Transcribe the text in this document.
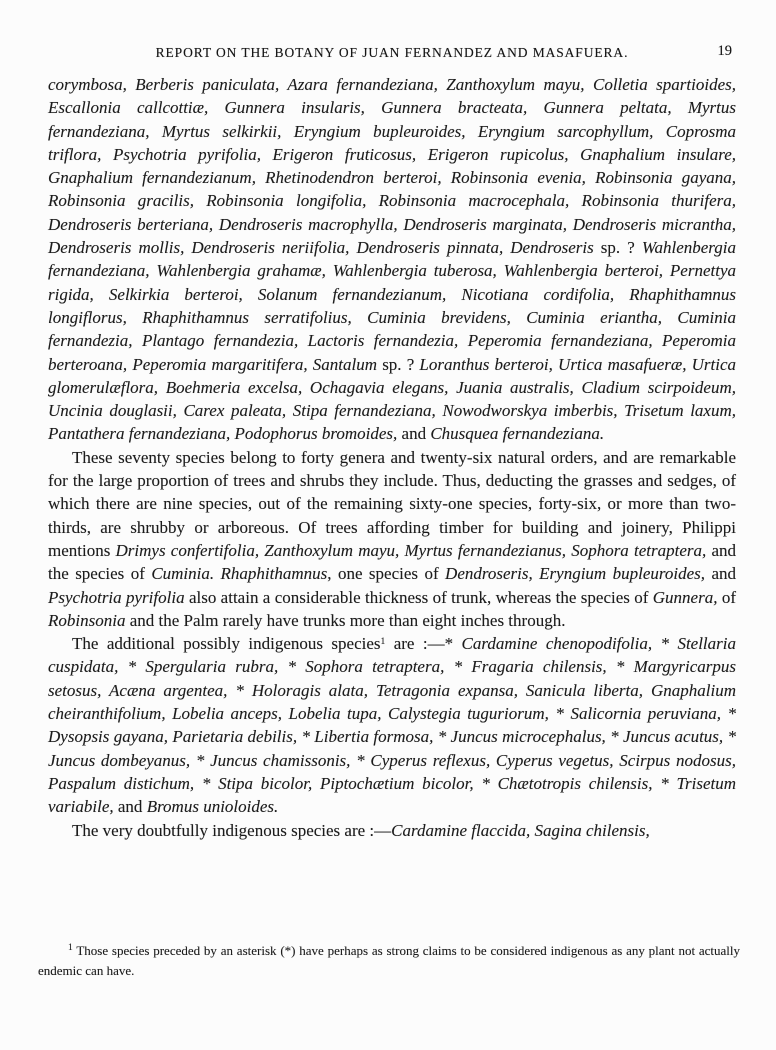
REPORT ON THE BOTANY OF JUAN FERNANDEZ AND MASAFUERA.	19

corymbosa, Berberis paniculata, Azara fernandeziana, Zanthoxylum mayu, Colletia spartioides, Escallonia callcottiæ, Gunnera insularis, Gunnera bracteata, Gunnera peltata, Myrtus fernandeziana, Myrtus selkirkii, Eryngium bupleuroides, Eryngium sarcophyllum, Coprosma triflora, Psychotria pyrifolia, Erigeron fruticosus, Erigeron rupicolus, Gnaphalium insulare, Gnaphalium fernandezianum, Rhetinodendron berteroi, Robinsonia evenia, Robinsonia gayana, Robinsonia gracilis, Robinsonia longifolia, Robinsonia macrocephala, Robinsonia thurifera, Dendroseris berteriana, Dendroseris macrophylla, Dendroseris marginata, Dendroseris micrantha, Dendroseris mollis, Dendroseris neriifolia, Dendroseris pinnata, Dendroseris sp. ? Wahlenbergia fernandeziana, Wahlenbergia grahamæ, Wahlenbergia tuberosa, Wahlenbergia berteroi, Pernettya rigida, Selkirkia berteroi, Solanum fernandezianum, Nicotiana cordifolia, Rhaphithamnus longiflorus, Rhaphithamnus serratifolius, Cuminia brevidens, Cuminia eriantha, Cuminia fernandezia, Plantago fernandezia, Lactoris fernandezia, Peperomia fernandeziana, Peperomia berteroana, Peperomia margaritifera, Santalum sp. ? Loranthus berteroi, Urtica masafueræ, Urtica glomerulæflora, Boehmeria excelsa, Ochagavia elegans, Juania australis, Cladium scirpoideum, Uncinia douglasii, Carex paleata, Stipa fernandeziana, Nowodworskya imberbis, Trisetum laxum, Pantathera fernandeziana, Podophorus bromoides, and Chusquea fernandeziana.

These seventy species belong to forty genera and twenty-six natural orders, and are remarkable for the large proportion of trees and shrubs they include. Thus, deducting the grasses and sedges, of which there are nine species, out of the remaining sixty-one species, forty-six, or more than two-thirds, are shrubby or arboreous. Of trees affording timber for building and joinery, Philippi mentions Drimys confertifolia, Zanthoxylum mayu, Myrtus fernandezianus, Sophora tetraptera, and the species of Cuminia. Rhaphithamnus, one species of Dendroseris, Eryngium bupleuroides, and Psychotria pyrifolia also attain a considerable thickness of trunk, whereas the species of Gunnera, of Robinsonia and the Palm rarely have trunks more than eight inches through.

The additional possibly indigenous species$^1$ are :—* Cardamine chenopodifolia, * Stellaria cuspidata, * Spergularia rubra, * Sophora tetraptera, * Fragaria chilensis, * Margyricarpus setosus, Acæna argentea, * Holoragis alata, Tetragonia expansa, Sanicula liberta, Gnaphalium cheiranthifolium, Lobelia anceps, Lobelia tupa, Calystegia tuguriorum, * Salicornia peruviana, * Dysopsis gayana, Parietaria debilis, * Libertia formosa, * Juncus microcephalus, * Juncus acutus, * Juncus dombeyanus, * Juncus chamissonis, * Cyperus reflexus, Cyperus vegetus, Scirpus nodosus, Paspalum distichum, * Stipa bicolor, Piptochætium bicolor, * Chætotropis chilensis, * Trisetum variabile, and Bromus unioloides.

The very doubtfully indigenous species are :—Cardamine flaccida, Sagina chilensis,

$^1$ Those species preceded by an asterisk (*) have perhaps as strong claims to be considered indigenous as any plant not actually endemic can have.
